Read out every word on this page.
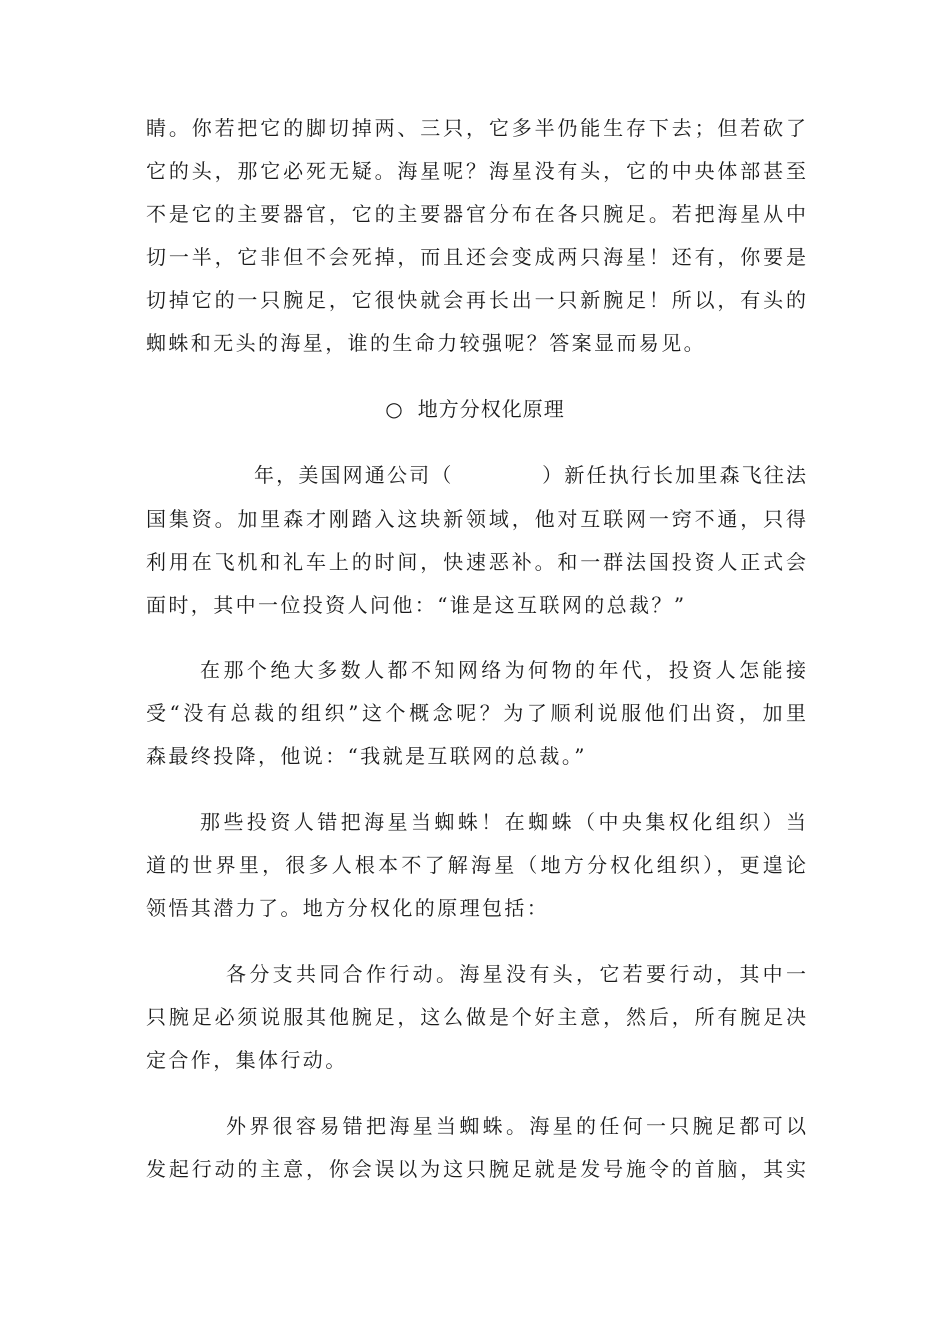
睛。你若把它的脚切掉两、三只，它多半仍能生存下去；但若砍了
它的头，那它必死无疑。海星呢？海星没有头，它的中央体部甚至
不是它的主要器官，它的主要器官分布在各只腕足。若把海星从中
切一半，它非但不会死掉，而且还会变成两只海星！还有，你要是
切掉它的一只腕足，它很快就会再长出一只新腕足！所以，有头的
蜘蛛和无头的海星，谁的生命力较强呢？答案显而易见。
○ 地方分权化原理
年，美国网通公司（　　　　）新任执行长加里森飞往法
国集资。加里森才刚踏入这块新领域，他对互联网一窍不通，只得
利用在飞机和礼车上的时间，快速恶补。和一群法国投资人正式会
面时，其中一位投资人问他：“谁是这互联网的总裁？”
在那个绝大多数人都不知网络为何物的年代，投资人怎能接
受“没有总裁的组织”这个概念呢？为了顺利说服他们出资，加里
森最终投降，他说：“我就是互联网的总裁。”
那些投资人错把海星当蜘蛛！在蜘蛛（中央集权化组织）当
道的世界里，很多人根本不了解海星（地方分权化组织），更遑论
领悟其潜力了。地方分权化的原理包括：
各分支共同合作行动。海星没有头，它若要行动，其中一
只腕足必须说服其他腕足，这么做是个好主意，然后，所有腕足决
定合作，集体行动。
外界很容易错把海星当蜘蛛。海星的任何一只腕足都可以
发起行动的主意，你会误以为这只腕足就是发号施令的首脑，其实
